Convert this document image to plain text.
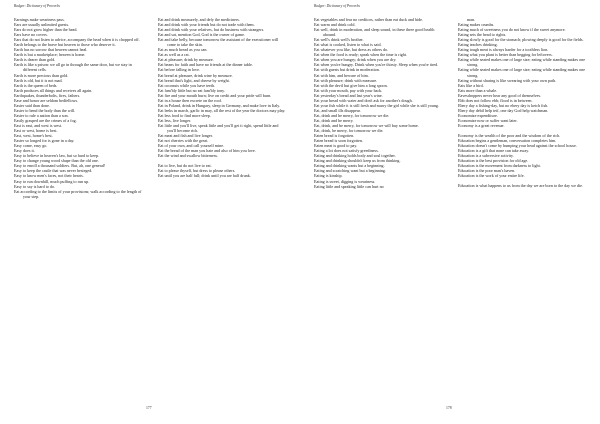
Badger: Dictionary of Proverbs

Earnings make weariness pass.

Ears are usually unlimited guests.

Ears do not grow higher than the head.

Ears have no covers.

Ears that do not listen to advice, accompany the head when it is chopped off.

Earth belongs to the brave but heaven to those who deserve it.

Earth has no sorrow that heaven cannot heal.

Earth is but a marketplace; heaven is home.

Earth is dearer than gold.

Earth is like a prison: we all go in through the same door, but we stay in different cells.

Earth is more precious than gold.

Earth is old, but it is not mad.

Earth is the queen of beds.

Earth produces all things and receives all again.

Earthquakes, thunderbolts, fires, fathers.

Ease and honor are seldom bedfellows.

Easier said than done.

Easier to bend the body than the will.

Easier to rule a nation than a son.

Easily grasped are the crimes of a fog.

East is east, and west is west.

East or west, home is best.

East, west, home's best.

Easter so longed for is gone in a day.

Easy come, easy go.

Easy does it.

Easy to believe in heaven's law, but so hard to keep.

Easy to change young wood shape than the old one.

Easy to enroll a thousand soldiers. But, ah, one general!

Easy to keep the castle that was never besieged.

Easy to know men's faces, not their hearts.

Easy to run downhill, much puffing to run up.

Easy to say is hard to do.

Eat according to the limits of your provisions; walk according to the length of your step.

Eat and drink measurely, and defy the mediciners.

Eat and drink with your friends but do not trade with them.

Eat and drink with your relatives, but do business with strangers.

Eat and sat, mention God, God is the owner of game.

Eat and take belly, because tomorrow the assistant of the executioner will come to take the skin.

Eat as much bread as you can.

Eat as well as a rat.

Eat at pleasure; drink by measure.

Eat beans for faith and have no friends at the dinner table.

Eat before falling in love.

Eat bread at pleasure, drink wine by measure.

Eat bread that's light, and cheese by weight.

Eat coconuts while you have teeth.

Eat fam'bly little but no eat fam'bly tony.

Eat fire and your mouth burn; live on credit and your pride will burn.

Eat in a house then excrete on the roof.

Eat in Poland, drink in Hungary, sleep in Germany, and make love in Italy.

Eat leeks in march, garlic in may, all the rest of the year the doctors may play.

Eat less food to find more sleep.

Eat less, live longer.

Eat little and you'll live, speak little and you'll get it right, spend little and you'll become rich.

Eat meat and fish and live longer.

Eat not cherries with the great.

Eat of your own, and call yourself mine.

Eat the bread of the man you hate and also of him you love.

Eat the wind and swallow bitterness.

Eat to live, but do not live to eat.

Eat to please thyself, but dress to please others.

Eat until you are half full; drink until you are half drunk.

177
Badger: Dictionary of Proverbs

Eat vegetables and fear no creditors, rather than eat duck and hide.

Eat warm and drink cold.

Eat well, drink in moderation, and sleep sound, in these three good health abound.

Eat well's drink well's brother.

Eat what is cooked, listen to what is said.

Eat whatever you like, but dress as others do.

Eat when the food is ready; speak when the time is right.

Eat when you are hungry; drink when you are dry.

Eat when you're hungry. Drink when you're thirsty. Sleep when you're tired.

Eat with guests but drink in moderation.

Eat with him, and beware of him.

Eat with pleasure; drink with measure.

Eat with the devil but give him a long spoon.

Eat with your mouth, pay with your back.

Eat yesterday's bread and last year's wine.

Eat your bread with water and don't ask for another's dough.

Eat your fish while it is still fresh and marry the girl while she is still young.

Eat, and small ills disappear.

Eat, drink and be merry, for tomorrow we die.

Eat, drink and be merry.

Eat, drink, and be merry, for tomorrow we will buy some home.

Eat, drink, be merry, for tomorrow we die.

Eaten bread is forgotten.

Eaten bread is soon forgotten.

Eaten meat is good to pay.

Eating a lot does not satisfy greediness.

Eating and drinking holds body and soul together.

Eating and drinking shouldn't keep us from thinking.

Eating and drinking wants but a beginning.

Eating and scratching want but a beginning.

Eating is kinship.

Eating is sweet, digging is weariness.

Eating little and speaking little can hurt no

man.

Eating makes crumbs.

Eating much of sweetness you do not know if the sweet anymore.

Eating sets the head to rights.

Eating slowly is good for the stomach; plowing deeply is good for the fields.

Eating teaches drinking.

Eating tough meat is always harder for a toothless lion.

Eating what you plant is better than begging for leftovers.

Eating while seated makes one of large size; eating while standing makes one strong.

Eating while seated makes one of large size; eating while standing makes one strong.

Eating without sharing is like swearing with your own path.

Eats like a bird.

Eats more than a whale.

Eavesdroppers never hear any good of themselves.

Ebb does not follow ebb; flood is in between.

Ebery day a fishing-day, but no ebery day is ketch fish.

Ebery day debil help teif, one day God help watchman.

Economize expenditure.

Economize now or suffer want later.

Economy is a great revenue.

Economy is the wealth of the poor and the wisdom of the rich.

Education begins a gentleman, conversation completes him.

Education doesn't come by bumping your head against the school house.

Education is a gift that none can take away.

Education is a subversive activity.

Education is the best provision for old age.

Education is the movement from darkness to light.

Education is the poor man's haven.

Education is the work of your entire life.

Education is what happens to us from the day we are born to the day we die.

178
